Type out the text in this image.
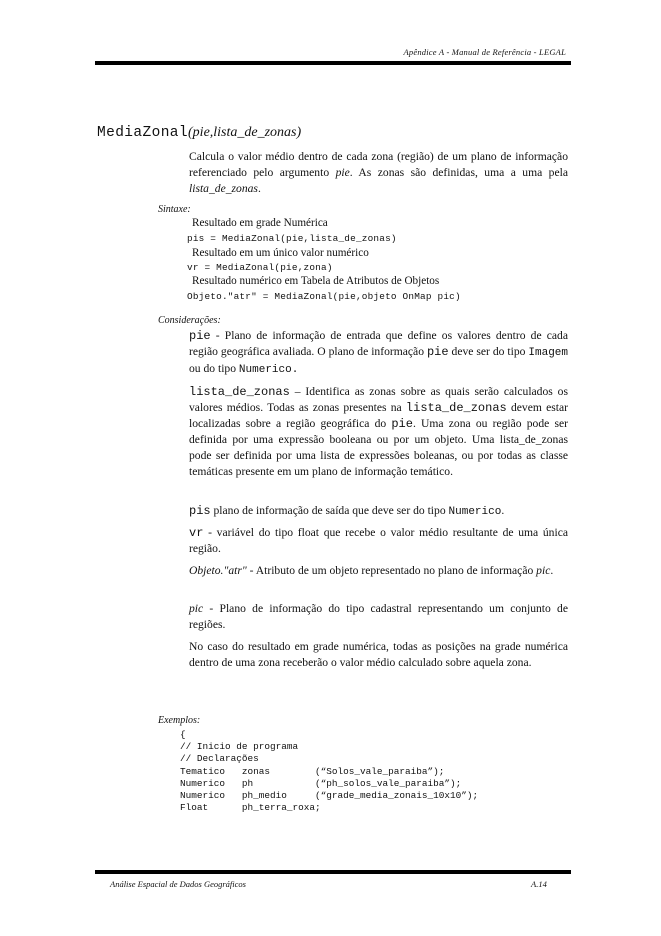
Apêndice A - Manual de Referência - LEGAL
MediaZonal(pie,lista_de_zonas)
Calcula o valor médio dentro de cada zona (região) de um plano de informação referenciado pelo argumento pie. As zonas são definidas, uma a uma pela lista_de_zonas.
Sintaxe:
Resultado em grade Numérica
pis = MediaZonal(pie,lista_de_zonas)
Resultado em um único valor numérico
vr = MediaZonal(pie,zona)
Resultado numérico em Tabela de Atributos de Objetos
Objeto."atr" = MediaZonal(pie,objeto OnMap pic)
Considerações:
pie - Plano de informação de entrada que define os valores dentro de cada região geográfica avaliada. O plano de informação pie deve ser do tipo Imagem ou do tipo Numerico.
lista_de_zonas – Identifica as zonas sobre as quais serão calculados os valores médios. Todas as zonas presentes na lista_de_zonas devem estar localizadas sobre a região geográfica do pie. Uma zona ou região pode ser definida por uma expressão booleana ou por um objeto. Uma lista_de_zonas pode ser definida por uma lista de expressões boleanas, ou por todas as classe temáticas presente em um plano de informação temático.
pis plano de informação de saída que deve ser do tipo Numerico.
vr - variável do tipo float que recebe o valor médio resultante de uma única região.
Objeto."atr" - Atributo de um objeto representado no plano de informação pic.
pic - Plano de informação do tipo cadastral representando um conjunto de regiões.
No caso do resultado em grade numérica, todas as posições na grade numérica dentro de uma zona receberão o valor médio calculado sobre aquela zona.
Exemplos:
{
// Inicio de programa
// Declarações
Tematico   zonas        (“Solos_vale_paraiba”);
Numerico   ph           (“ph_solos_vale_paraiba”);
Numerico   ph_medio     (“grade_media_zonais_10x10”);
Float      ph_terra_roxa;
Análise Espacial de Dados Geográficos	A.14
